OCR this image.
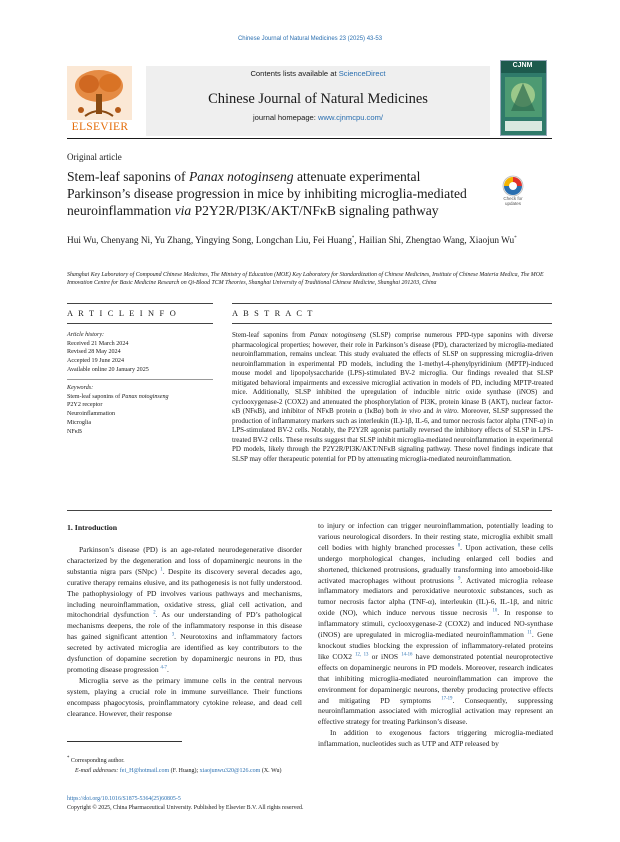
Chinese Journal of Natural Medicines 23 (2025) 43-53
ELSEVIER
Contents lists available at ScienceDirect
Chinese Journal of Natural Medicines
journal homepage: www.cjnmcpu.com/
CJNM
Original article
Stem-leaf saponins of Panax notoginseng attenuate experimental Parkinson’s disease progression in mice by inhibiting microglia-mediated neuroinflammation via P2Y2R/PI3K/AKT/NFκB signaling pathway
Check for updates
Hui Wu, Chenyang Ni, Yu Zhang, Yingying Song, Longchan Liu, Fei Huang*, Hailian Shi, Zhengtao Wang, Xiaojun Wu*
Shanghai Key Laboratory of Compound Chinese Medicines, The Ministry of Education (MOE) Key Laboratory for Standardization of Chinese Medicines, Institute of Chinese Materia Medica, The MOE Innovation Centre for Basic Medicine Research on Qi-Blood TCM Theories, Shanghai University of Traditional Chinese Medicine, Shanghai 201203, China
A R T I C L E I N F O	A B S T R A C T
Article history:
Received 21 March 2024
Revised 28 May 2024
Accepted 19 June 2024
Available online 20 January 2025
Keywords:
Stem-leaf saponins of Panax notoginseng
P2Y2 receptor
Neuroinflammation
Microglia
NFκB
Stem-leaf saponins from Panax notoginseng (SLSP) comprise numerous PPD-type saponins with diverse pharmacological properties; however, their role in Parkinson’s disease (PD), characterized by microglia-mediated neuroinflammation, remains unclear. This study evaluated the effects of SLSP on suppressing microglia-driven neuroinflammation in experimental PD models, including the 1-methyl-4-phenylpyridinium (MPTP)-induced mouse model and lipopolysaccharide (LPS)-stimulated BV-2 microglia. Our findings revealed that SLSP mitigated behavioral impairments and excessive microglial activation in models of PD, including MPTP-treated mice. Additionally, SLSP inhibited the upregulation of inducible nitric oxide synthase (iNOS) and cyclooxygenase-2 (COX2) and attenuated the phosphorylation of PI3K, protein kinase B (AKT), nuclear factor-κB (NFκB), and inhibitor of NFκB protein α (IκBα) both in vivo and in vitro. Moreover, SLSP suppressed the production of inflammatory markers such as interleukin (IL)-1β, IL-6, and tumor necrosis factor alpha (TNF-α) in LPS-stimulated BV-2 cells. Notably, the P2Y2R agonist partially reversed the inhibitory effects of SLSP in LPS-treated BV-2 cells. These results suggest that SLSP inhibit microglia-mediated neuroinflammation in experimental PD models, likely through the P2Y2R/PI3K/AKT/NFκB signaling pathway. These novel findings indicate that SLSP may offer therapeutic potential for PD by attenuating microglia-mediated neuroinflammation.
1. Introduction

Parkinson’s disease (PD) is an age-related neurodegenerative disorder characterized by the degeneration and loss of dopaminergic neurons in the substantia nigra pars (SNpc) $^1$. Despite its discovery several decades ago, curative therapy remains elusive, and its pathogenesis is not fully understood. The pathophysiology of PD involves various pathways and mechanisms, including neuroinflammation, oxidative stress, glial cell activation, and mitochondrial dysfunction $^2$. As our understanding of PD’s pathological mechanisms deepens, the role of the inflammatory response in this disease has gained significant attention $^3$. Neurotoxins and inflammatory factors secreted by activated microglia are identified as key contributors to the dysfunction of dopamine secretion by dopaminergic neurons in PD, thus promoting disease progression $^{4-7}$.

Microglia serve as the primary immune cells in the central nervous system, playing a crucial role in immune surveillance. Their functions encompass phagocytosis, proinflammatory cytokine release, and dead cell clearance. However, their response

to injury or infection can trigger neuroinflammation, potentially leading to various neurological disorders. In their resting state, microglia exhibit small cell bodies with highly branched processes $^8$. Upon activation, these cells undergo morphological changes, including enlarged cell bodies and shortened, thickened protrusions, gradually transforming into amoeboid-like activated macrophages without protrusions $^9$. Activated microglia release inflammatory mediators and peroxidative neurotoxic substances, such as tumor necrosis factor alpha (TNF-α), interleukin (IL)-6, IL-1β, and nitric oxide (NO), which induce nervous tissue necrosis $^{10}$. In response to inflammatory stimuli, cyclooxygenase-2 (COX2) and induced NO-synthase (iNOS) are upregulated in microglia-mediated neuroinflammation $^{11}$. Gene knockout studies blocking the expression of inflammatory-related proteins like COX2 $^{12, 13}$ or iNOS $^{14-16}$ have demonstrated potential neuroprotective effects on dopaminergic neurons in PD models. Moreover, research indicates that inhibiting microglia-mediated neuroinflammation can improve the environment for dopaminergic neurons, thereby producing protective effects and mitigating PD symptoms $^{17-19}$. Consequently, suppressing neuroinflammation associated with microglial activation may represent an effective strategy for treating Parkinson’s disease.

In addition to exogenous factors triggering microglia-mediated inflammation, nucleotides such as UTP and ATP released by

* Corresponding author.
E-mail addresses: fei_H@hotmail.com (F. Huang); xiaojunwu320@126.com (X. Wu)
https://doi.org/10.1016/S1875-5364(25)60805-5
Copyright © 2025, China Pharmaceutical University. Published by Elsevier B.V. All rights reserved.
